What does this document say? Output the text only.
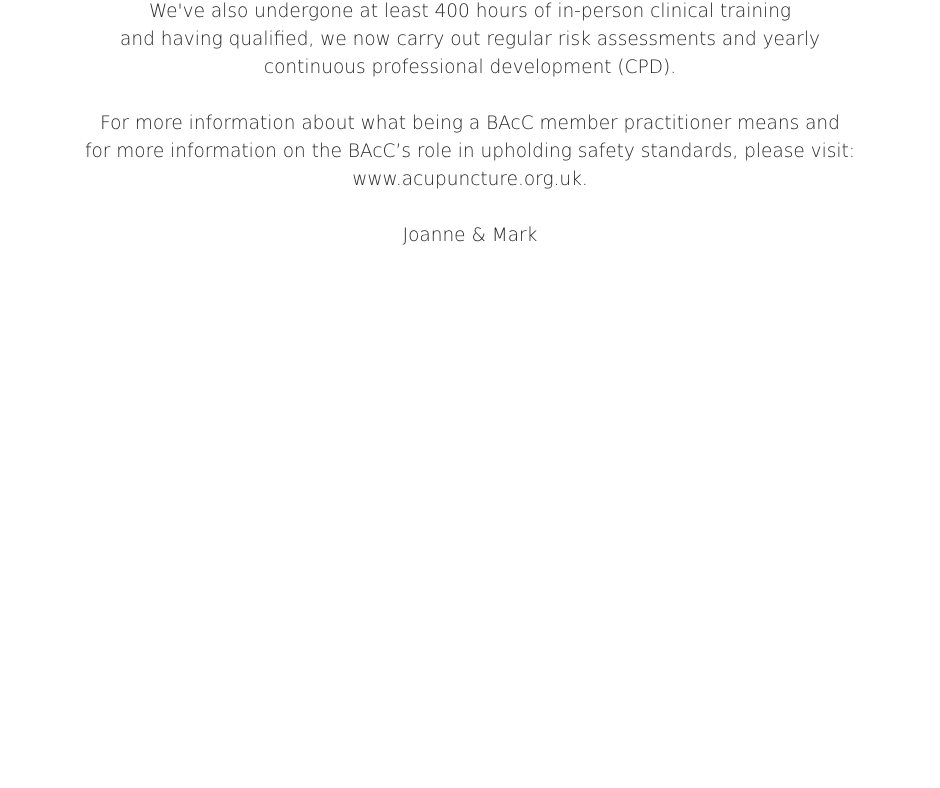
We've also undergone at least 400 hours of in-person clinical training
and having qualified, we now carry out regular risk assessments and yearly
continuous professional development (CPD).

For more information about what being a BAcC member practitioner means and
for more information on the BAcC’s role in upholding safety standards, please visit:
www.acupuncture.org.uk.

Joanne & Mark
